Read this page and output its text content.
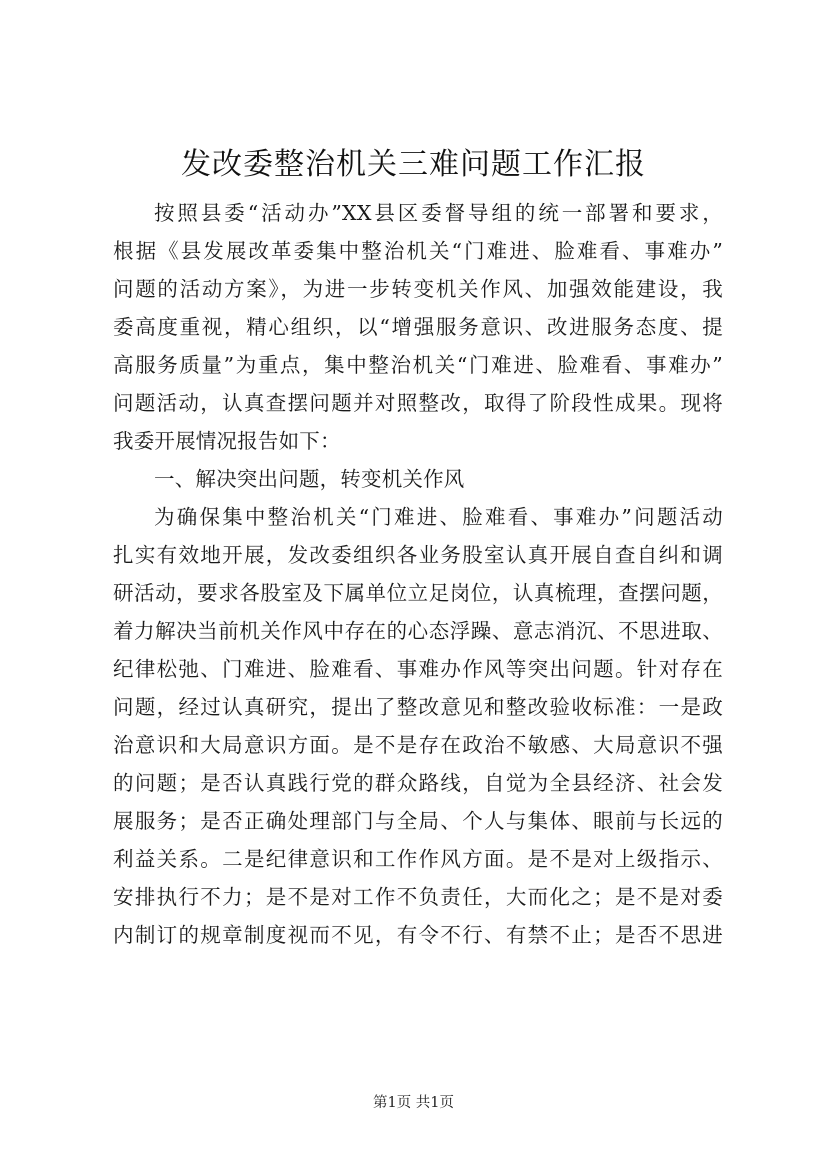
发改委整治机关三难问题工作汇报
按照县委“活动办”XX县区委督导组的统一部署和要求，
根据《县发展改革委集中整治机关“门难进、脸难看、事难办”
问题的活动方案》，为进一步转变机关作风、加强效能建设，我
委高度重视，精心组织，以“增强服务意识、改进服务态度、提
高服务质量”为重点，集中整治机关“门难进、脸难看、事难办”
问题活动，认真查摆问题并对照整改，取得了阶段性成果。现将
我委开展情况报告如下：
一、解决突出问题，转变机关作风
为确保集中整治机关“门难进、脸难看、事难办”问题活动
扎实有效地开展，发改委组织各业务股室认真开展自查自纠和调
研活动，要求各股室及下属单位立足岗位，认真梳理，查摆问题，
着力解决当前机关作风中存在的心态浮躁、意志消沉、不思进取、
纪律松弛、门难进、脸难看、事难办作风等突出问题。针对存在
问题，经过认真研究，提出了整改意见和整改验收标准：一是政
治意识和大局意识方面。是不是存在政治不敏感、大局意识不强
的问题；是否认真践行党的群众路线，自觉为全县经济、社会发
展服务；是否正确处理部门与全局、个人与集体、眼前与长远的
利益关系。二是纪律意识和工作作风方面。是不是对上级指示、
安排执行不力；是不是对工作不负责任，大而化之；是不是对委
内制订的规章制度视而不见，有令不行、有禁不止；是否不思进
第1页 共1页
